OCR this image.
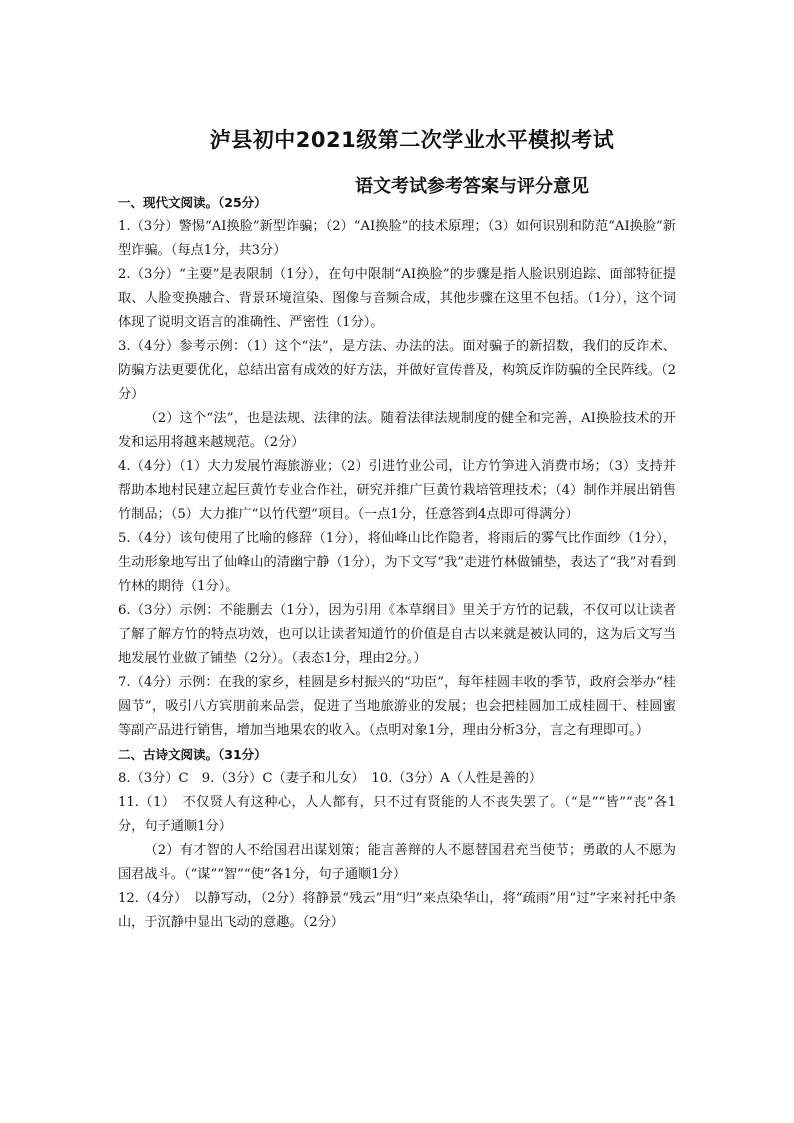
泸县初中2021级第二次学业水平模拟考试
语文考试参考答案与评分意见

一、现代文阅读。（25分）

1.（3分）警惕“AI换脸”新型诈骗；（2）“AI换脸”的技术原理；（3）如何识别和防范“AI换脸”新型诈骗。（每点1分，共3分）

2.（3分）“主要”是表限制（1分），在句中限制“AI换脸”的步骤是指人脸识别追踪、面部特征提取、人脸变换融合、背景环境渲染、图像与音频合成，其他步骤在这里不包括。（1分），这个词体现了说明文语言的准确性、严密性（1分）。

3.（4分）参考示例：（1）这个“法”，是方法、办法的法。面对骗子的新招数，我们的反诈术、防骗方法更要优化，总结出富有成效的好方法，并做好宣传普及，构筑反诈防骗的全民阵线。（2分）

（2）这个“法”，也是法规、法律的法。随着法律法规制度的健全和完善，AI换脸技术的开发和运用将越来越规范。（2分）

4.（4分）（1）大力发展竹海旅游业；（2）引进竹业公司，让方竹笋进入消费市场；（3）支持并帮助本地村民建立起巨黄竹专业合作社，研究并推广巨黄竹栽培管理技术；（4）制作并展出销售竹制品；（5）大力推广“以竹代塑”项目。（一点1分，任意答到4点即可得满分）

5.（4分）该句使用了比喻的修辞（1分），将仙峰山比作隐者，将雨后的雾气比作面纱（1分），生动形象地写出了仙峰山的清幽宁静（1分），为下文写“我”走进竹林做铺垫，表达了“我”对看到竹林的期待（1分）。

6.（3分）示例：不能删去（1分），因为引用《本草纲目》里关于方竹的记载，不仅可以让读者了解了解方竹的特点功效，也可以让读者知道竹的价值是自古以来就是被认同的，这为后文写当地发展竹业做了铺垫（2分）。（表态1分，理由2分。）

7.（4分）示例：在我的家乡，桂圆是乡村振兴的“功臣”，每年桂圆丰收的季节，政府会举办“桂圆节”，吸引八方宾朋前来品尝，促进了当地旅游业的发展；也会把桂圆加工成桂圆干、桂圆蜜等副产品进行销售，增加当地果农的收入。（点明对象1分，理由分析3分，言之有理即可。）

二、古诗文阅读。（31分）

8.（3分）C　9.（3分）C（妻子和儿女）　10.（3分）A（人性是善的）

11.（1）　不仅贤人有这种心，人人都有，只不过有贤能的人不丧失罢了。（“是”“皆”“丧”各1分，句子通顺1分）

（2）有才智的人不给国君出谋划策；能言善辩的人不愿替国君充当使节；勇敢的人不愿为国君战斗。（“谋”“智”“使”各1分，句子通顺1分）

12.（4分）　以静写动，（2分）将静景“残云”用“归”来点染华山，将“疏雨”用“过”字来衬托中条山，于沉静中显出飞动的意趣。（2分）
